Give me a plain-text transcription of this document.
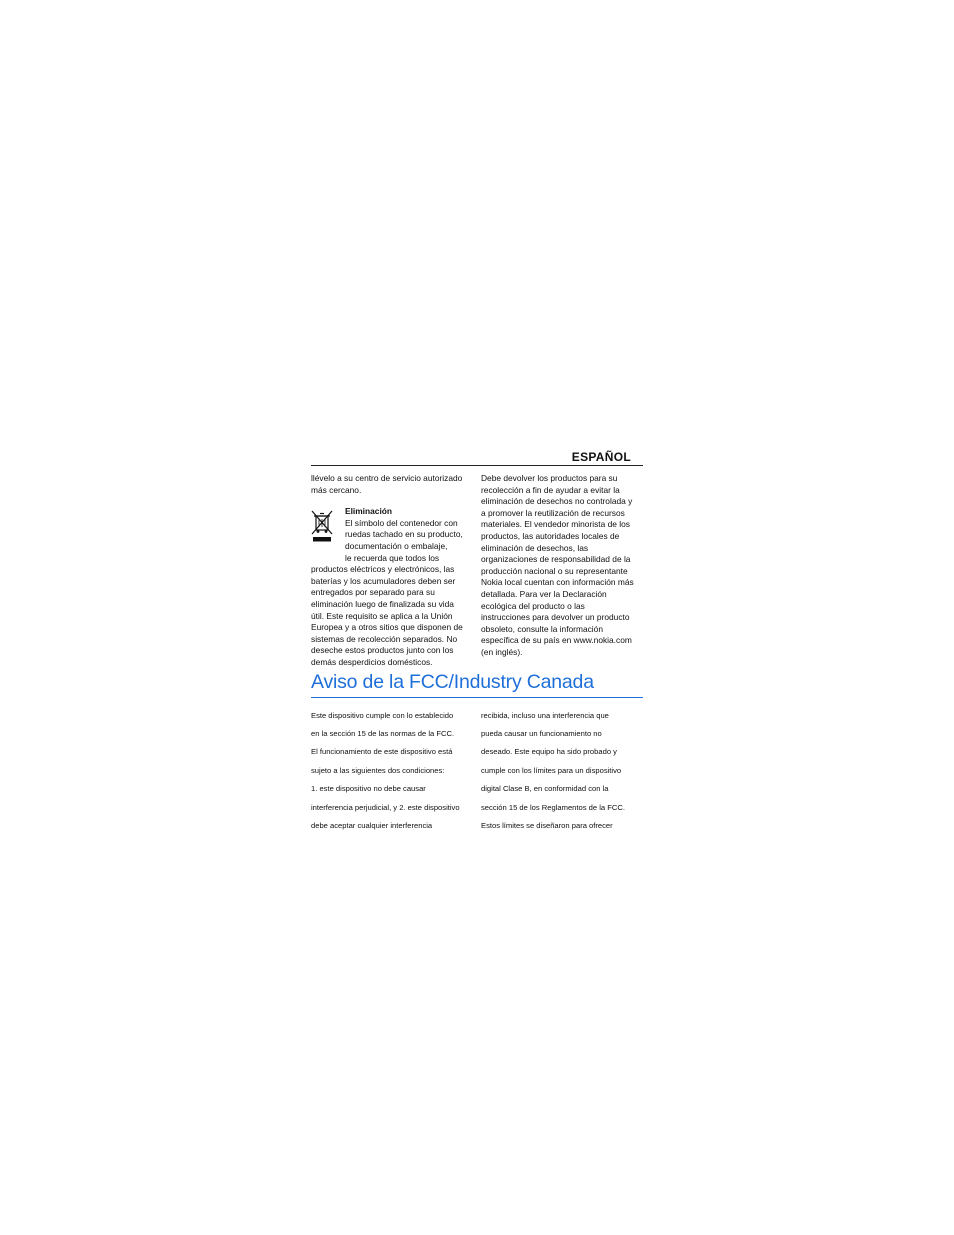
ESPAÑOL

llévelo a su centro de servicio autorizado

más cercano.

Eliminación

El símbolo del contenedor con

ruedas tachado en su producto,

documentación o embalaje,

le recuerda que todos los

productos eléctricos y electrónicos, las

baterías y los acumuladores deben ser

entregados por separado para su

eliminación luego de finalizada su vida

útil. Este requisito se aplica a la Unión

Europea y a otros sitios que disponen de

sistemas de recolección separados. No

deseche estos productos junto con los

demás desperdicios domésticos.

Debe devolver los productos para su

recolección a fin de ayudar a evitar la

eliminación de desechos no controlada y

a promover la reutilización de recursos

materiales. El vendedor minorista de los

productos, las autoridades locales de

eliminación de desechos, las

organizaciones de responsabilidad de la

producción nacional o su representante

Nokia local cuentan con información más

detallada. Para ver la Declaración

ecológica del producto o las

instrucciones para devolver un producto

obsoleto, consulte la información

específica de su país en www.nokia.com

(en inglés).

Aviso de la FCC/Industry Canada

Este dispositivo cumple con lo establecido

en la sección 15 de las normas de la FCC.

El funcionamiento de este dispositivo está

sujeto a las siguientes dos condiciones:

1. este dispositivo no debe causar

interferencia perjudicial, y 2. este dispositivo

debe aceptar cualquier interferencia

recibida, incluso una interferencia que

pueda causar un funcionamiento no

deseado. Este equipo ha sido probado y

cumple con los límites para un dispositivo

digital Clase B, en conformidad con la

sección 15 de los Reglamentos de la FCC.

Estos límites se diseñaron para ofrecer
